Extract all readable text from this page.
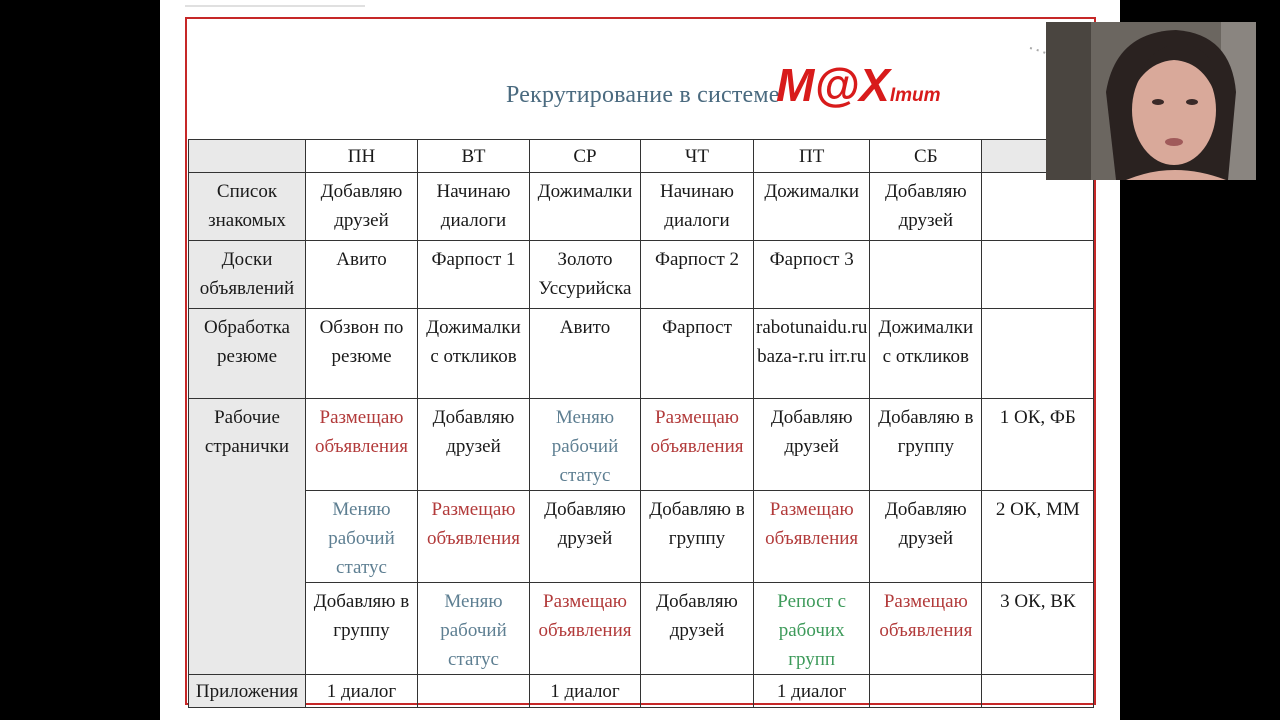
Рекрутирование в системе
M@XImum
	ПН	ВТ	СР	ЧТ	ПТ	СБ	
Список знакомых	Добавляю друзей	Начинаю диалоги	Дожималки	Начинаю диалоги	Дожималки	Добавляю друзей	
Доски объявлений	Авито	Фарпост 1	Золото Уссурийска	Фарпост 2	Фарпост 3		
Обработка резюме	Обзвон по резюме	Дожималки с откликов	Авито	Фарпост	rabotunaidu.ru baza-r.ru irr.ru	Дожималки с откликов	
Рабочие странички	Размещаю объявления	Добавляю друзей	Меняю рабочий статус	Размещаю объявления	Добавляю друзей	Добавляю в группу	1 ОК, ФБ
	Меняю рабочий статус	Размещаю объявления	Добавляю друзей	Добавляю в группу	Размещаю объявления	Добавляю друзей	2 ОК, ММ
	Добавляю в группу	Меняю рабочий статус	Размещаю объявления	Добавляю друзей	Репост с рабочих групп	Размещаю объявления	3 ОК, ВК
Приложения	1 диалог		1 диалог		1 диалог		
